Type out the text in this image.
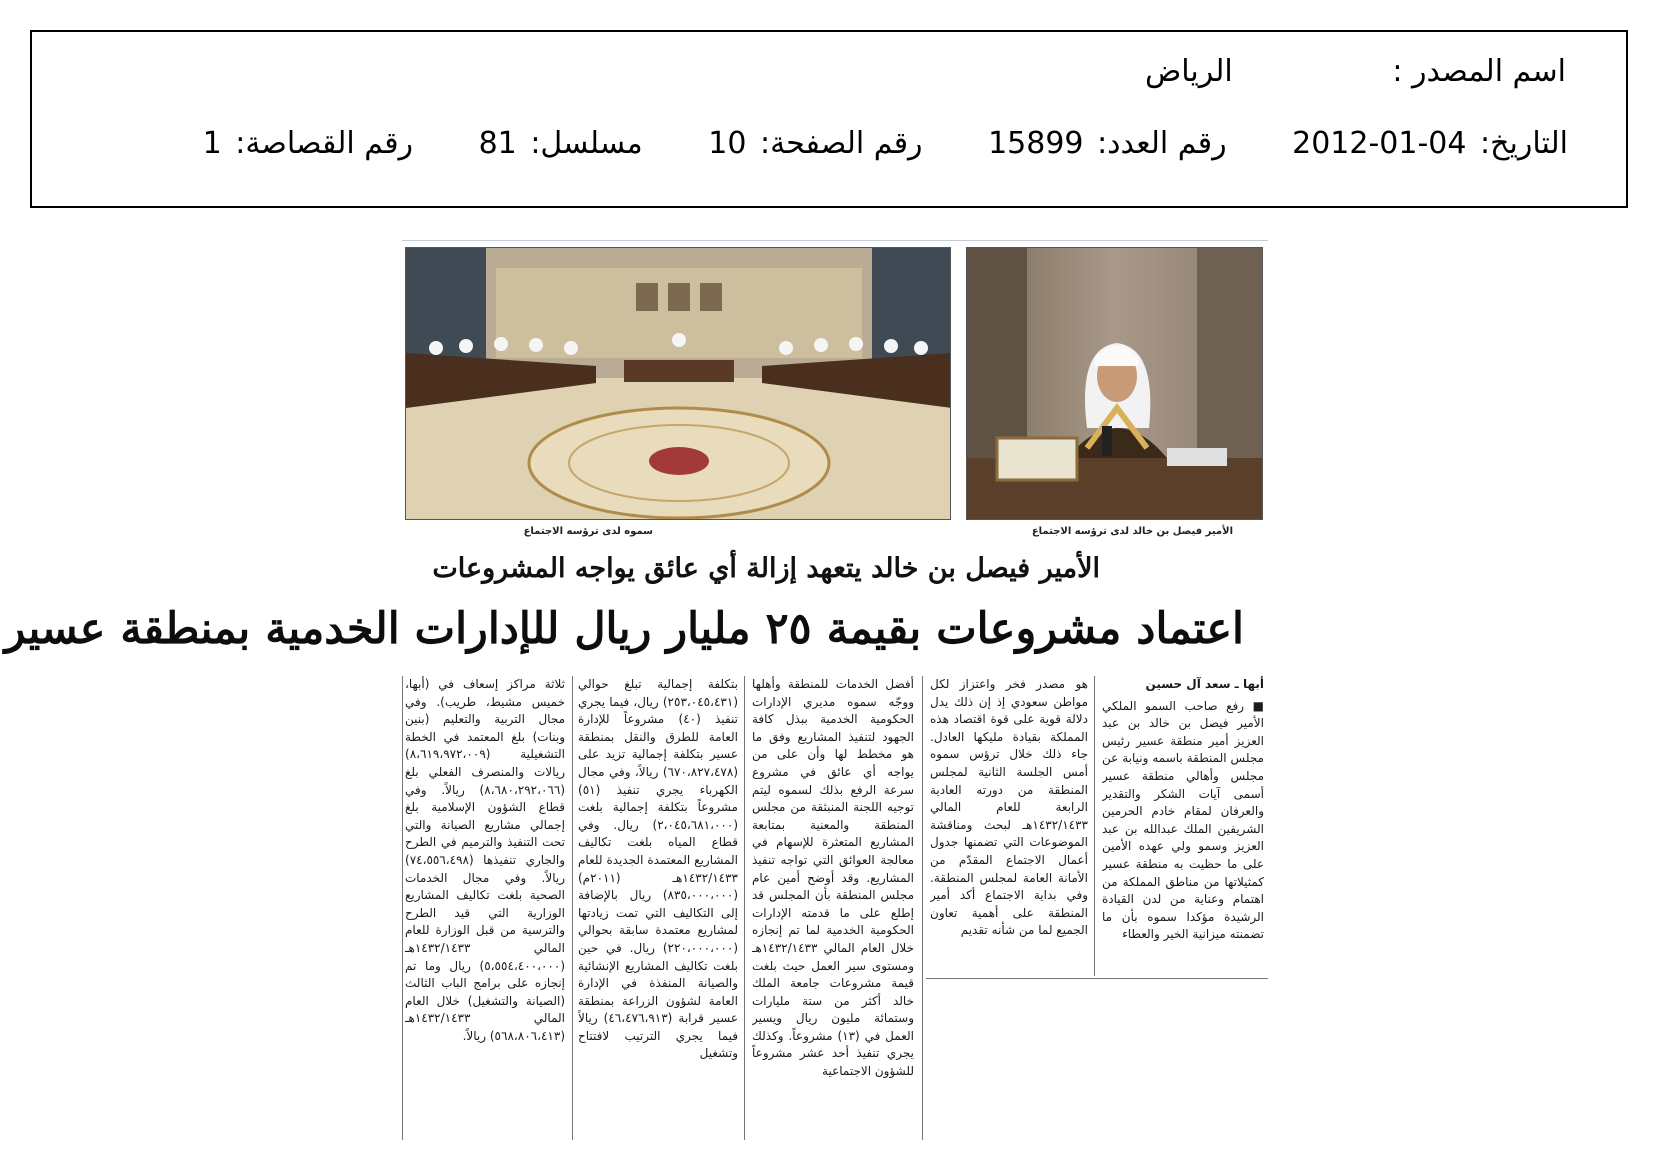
اسم المصدر : الرياض
التاريخ: 2012-01-04 رقم العدد: 15899 رقم الصفحة: 10 مسلسل: 81 رقم القصاصة: 1
الأمير فيصل بن خالد لدى ترؤسه الاجتماع
سموه لدى ترؤسه الاجتماع
الأمير فيصل بن خالد يتعهد إزالة أي عائق يواجه المشروعات
اعتماد مشروعات بقيمة ٢٥ مليار ريال للإدارات الخدمية بمنطقة عسير
أبها ـ سعد آل حسين

■ رفع صاحب السمو الملكي الأمير فيصل بن خالد بن عبد العزيز أمير منطقة عسير رئيس مجلس المنطقة باسمه ونيابة عن مجلس وأهالي منطقة عسير أسمى آيات الشكر والتقدير والعرفان لمقام خادم الحرمين الشريفين الملك عبدالله بن عبد العزيز وسمو ولي عهده الأمين على ما حظيت به منطقة عسير كمثيلاتها من مناطق المملكة من اهتمام وعناية من لدن القيادة الرشيدة مؤكدا سموه بأن ما تضمنته ميزانية الخير والعطاء

هو مصدر فخر واعتزاز لكل مواطن سعودي إذ إن ذلك يدل دلالة قوية على قوة اقتصاد هذه المملكة بقيادة مليكها العادل. جاء ذلك خلال ترؤس سموه أمس الجلسة الثانية لمجلس المنطقة من دورته العادية الرابعة للعام المالي ١٤٣٢/١٤٣٣هـ لبحث ومناقشة الموضوعات التي تضمنها جدول أعمال الاجتماع المقدّم من الأمانة العامة لمجلس المنطقة. وفي بداية الاجتماع أكد أمير المنطقة على أهمية تعاون الجميع لما من شأنه تقديم

أفضل الخدمات للمنطقة وأهلها ووجّه سموه مديري الإدارات الحكومية الخدمية ببذل كافة الجهود لتنفيذ المشاريع وفق ما هو مخطط لها وأن على من يواجه أي عائق في مشروع سرعة الرفع بذلك لسموه ليتم توجيه اللجنة المنبثقة من مجلس المنطقة والمعنية بمتابعة المشاريع المتعثرة للإسهام في معالجة العوائق التي تواجه تنفيذ المشاريع. وقد أوضح أمين عام مجلس المنطقة بأن المجلس قد إطلع على ما قدمته الإدارات الحكومية الخدمية لما تم إنجازه خلال العام المالي ١٤٣٢/١٤٣٣هـ ومستوى سير العمل حيث بلغت قيمة مشروعات جامعة الملك خالد أكثر من ستة مليارات وستمائة مليون ريال ويسير العمل في (١٣) مشروعاً. وكذلك يجري تنفيذ أحد عشر مشروعاً للشؤون الاجتماعية

بتكلفة إجمالية تبلغ حوالي (٢٥٣،٠٤٥،٤٣١) ريال، فيما يجري تنفيذ (٤٠) مشروعاً للإدارة العامة للطرق والنقل بمنطقة عسير بتكلفة إجمالية تزيد على (٦٧٠،٨٢٧،٤٧٨) ريالاً، وفي مجال الكهرباء يجري تنفيذ (٥١) مشروعاً بتكلفة إجمالية بلغت (٢،٠٤٥،٦٨١،٠٠٠) ريال. وفي قطاع المياه بلغت تكاليف المشاريع المعتمدة الجديدة للعام ١٤٣٢/١٤٣٣هـ (٢٠١١م) (٨٣٥،٠٠٠،٠٠٠) ريال بالإضافة إلى التكاليف التي تمت زيادتها لمشاريع معتمدة سابقة بحوالي (٢٢٠،٠٠٠،٠٠٠) ريال. في حين بلغت تكاليف المشاريع الإنشائية والصيانة المنفذة في الإدارة العامة لشؤون الزراعة بمنطقة عسير قرابة (٤٦،٤٧٦،٩١٣) ريالاً فيما يجري الترتيب لافتتاح وتشغيل

ثلاثة مراكز إسعاف في (أبها، خميس مشيط، طريب). وفي مجال التربية والتعليم (بنين وبنات) بلغ المعتمد في الخطة التشغيلية (٨،٦١٩،٩٧٢،٠٠٩) ريالات والمنصرف الفعلي بلغ (٨،٦٨٠،٢٩٢،٠٦٦) ريالاً. وفي قطاع الشؤون الإسلامية بلغ إجمالي مشاريع الصيانة والتي تحت التنفيذ والترميم في الطرح والجاري تنفيذها (٧٤،٥٥٦،٤٩٨) ريالاً. وفي مجال الخدمات الصحية بلغت تكاليف المشاريع الوزارية التي قيد الطرح والترسية من قبل الوزارة للعام المالي ١٤٣٢/١٤٣٣هـ (٥،٥٥٤،٤٠٠،٠٠٠) ريال وما تم إنجازه على برامج الباب الثالث (الصيانة والتشغيل) خلال العام المالي ١٤٣٢/١٤٣٣هـ (٥٦٨،٨٠٦،٤١٣) ريالاً.
